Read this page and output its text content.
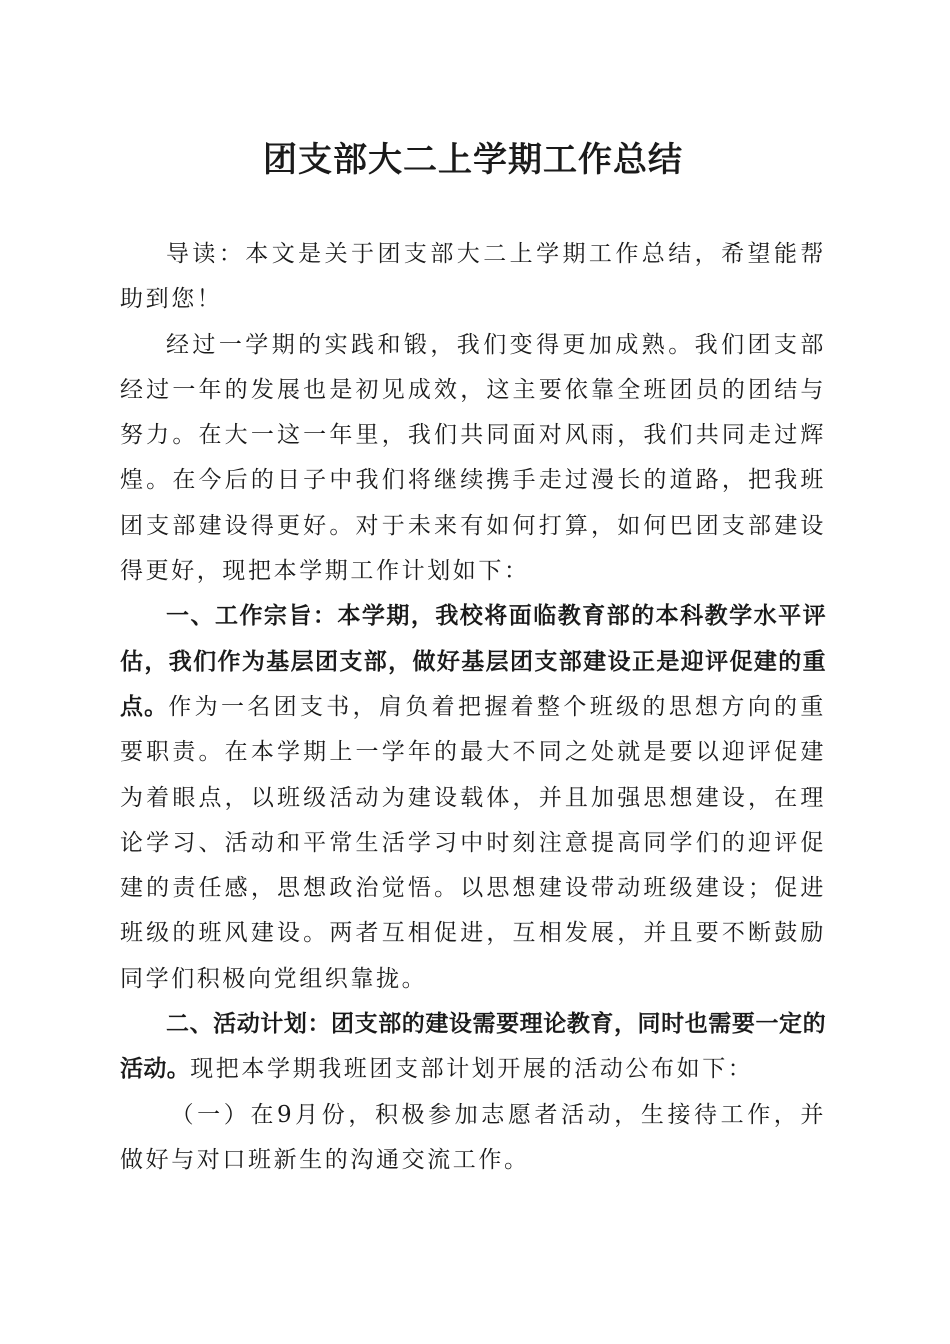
团支部大二上学期工作总结

导读：本文是关于团支部大二上学期工作总结，希望能帮助到您！

经过一学期的实践和锻，我们变得更加成熟。我们团支部经过一年的发展也是初见成效，这主要依靠全班团员的团结与努力。在大一这一年里，我们共同面对风雨，我们共同走过辉煌。在今后的日子中我们将继续携手走过漫长的道路，把我班团支部建设得更好。对于未来有如何打算，如何巴团支部建设得更好，现把本学期工作计划如下：

一、工作宗旨：本学期，我校将面临教育部的本科教学水平评估，我们作为基层团支部，做好基层团支部建设正是迎评促建的重点。作为一名团支书，肩负着把握着整个班级的思想方向的重要职责。在本学期上一学年的最大不同之处就是要以迎评促建为着眼点，以班级活动为建设载体，并且加强思想建设，在理论学习、活动和平常生活学习中时刻注意提高同学们的迎评促建的责任感，思想政治觉悟。以思想建设带动班级建设；促进班级的班风建设。两者互相促进，互相发展，并且要不断鼓励同学们积极向党组织靠拢。

二、活动计划：团支部的建设需要理论教育，同时也需要一定的活动。现把本学期我班团支部计划开展的活动公布如下：

（一）在9月份，积极参加志愿者活动，生接待工作，并做好与对口班新生的沟通交流工作。
